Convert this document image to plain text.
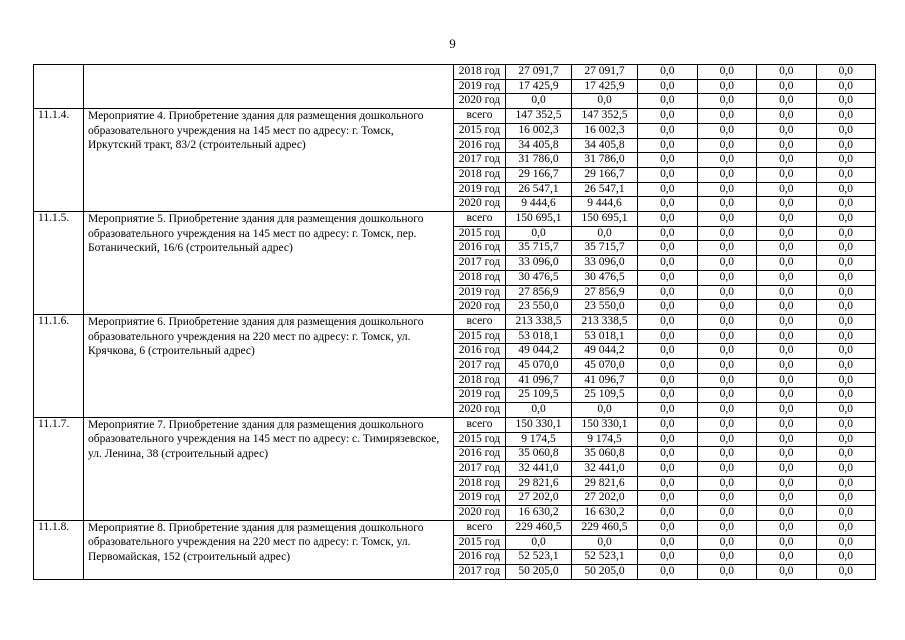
9
		2018 год	27 091,7	27 091,7	0,0	0,0	0,0	0,0
		2019 год	17 425,9	17 425,9	0,0	0,0	0,0	0,0
		2020 год	0,0	0,0	0,0	0,0	0,0	0,0
11.1.4.	Мероприятие 4. Приобретение здания для размещения дошкольного образовательного учреждения на 145 мест по адресу: г. Томск, Иркутский тракт, 83/2 (строительный адрес)	всего	147 352,5	147 352,5	0,0	0,0	0,0	0,0
		2015 год	16 002,3	16 002,3	0,0	0,0	0,0	0,0
		2016 год	34 405,8	34 405,8	0,0	0,0	0,0	0,0
		2017 год	31 786,0	31 786,0	0,0	0,0	0,0	0,0
		2018 год	29 166,7	29 166,7	0,0	0,0	0,0	0,0
		2019 год	26 547,1	26 547,1	0,0	0,0	0,0	0,0
		2020 год	9 444,6	9 444,6	0,0	0,0	0,0	0,0
11.1.5.	Мероприятие 5. Приобретение здания для размещения дошкольного образовательного учреждения на 145 мест по адресу: г. Томск, пер. Ботанический, 16/6 (строительный адрес)	всего	150 695,1	150 695,1	0,0	0,0	0,0	0,0
		2015 год	0,0	0,0	0,0	0,0	0,0	0,0
		2016 год	35 715,7	35 715,7	0,0	0,0	0,0	0,0
		2017 год	33 096,0	33 096,0	0,0	0,0	0,0	0,0
		2018 год	30 476,5	30 476,5	0,0	0,0	0,0	0,0
		2019 год	27 856,9	27 856,9	0,0	0,0	0,0	0,0
		2020 год	23 550,0	23 550,0	0,0	0,0	0,0	0,0
11.1.6.	Мероприятие 6. Приобретение здания для размещения дошкольного образовательного учреждения на 220 мест по адресу: г. Томск, ул. Крячкова, 6 (строительный адрес)	всего	213 338,5	213 338,5	0,0	0,0	0,0	0,0
		2015 год	53 018,1	53 018,1	0,0	0,0	0,0	0,0
		2016 год	49 044,2	49 044,2	0,0	0,0	0,0	0,0
		2017 год	45 070,0	45 070,0	0,0	0,0	0,0	0,0
		2018 год	41 096,7	41 096,7	0,0	0,0	0,0	0,0
		2019 год	25 109,5	25 109,5	0,0	0,0	0,0	0,0
		2020 год	0,0	0,0	0,0	0,0	0,0	0,0
11.1.7.	Мероприятие 7. Приобретение здания для размещения дошкольного образовательного учреждения на 145 мест по адресу: с. Тимирязевское, ул. Ленина, 38 (строительный адрес)	всего	150 330,1	150 330,1	0,0	0,0	0,0	0,0
		2015 год	9 174,5	9 174,5	0,0	0,0	0,0	0,0
		2016 год	35 060,8	35 060,8	0,0	0,0	0,0	0,0
		2017 год	32 441,0	32 441,0	0,0	0,0	0,0	0,0
		2018 год	29 821,6	29 821,6	0,0	0,0	0,0	0,0
		2019 год	27 202,0	27 202,0	0,0	0,0	0,0	0,0
		2020 год	16 630,2	16 630,2	0,0	0,0	0,0	0,0
11.1.8.	Мероприятие 8. Приобретение здания для размещения дошкольного образовательного учреждения на 220 мест по адресу: г. Томск, ул. Первомайская, 152 (строительный адрес)	всего	229 460,5	229 460,5	0,0	0,0	0,0	0,0
		2015 год	0,0	0,0	0,0	0,0	0,0	0,0
		2016 год	52 523,1	52 523,1	0,0	0,0	0,0	0,0
		2017 год	50 205,0	50 205,0	0,0	0,0	0,0	0,0
